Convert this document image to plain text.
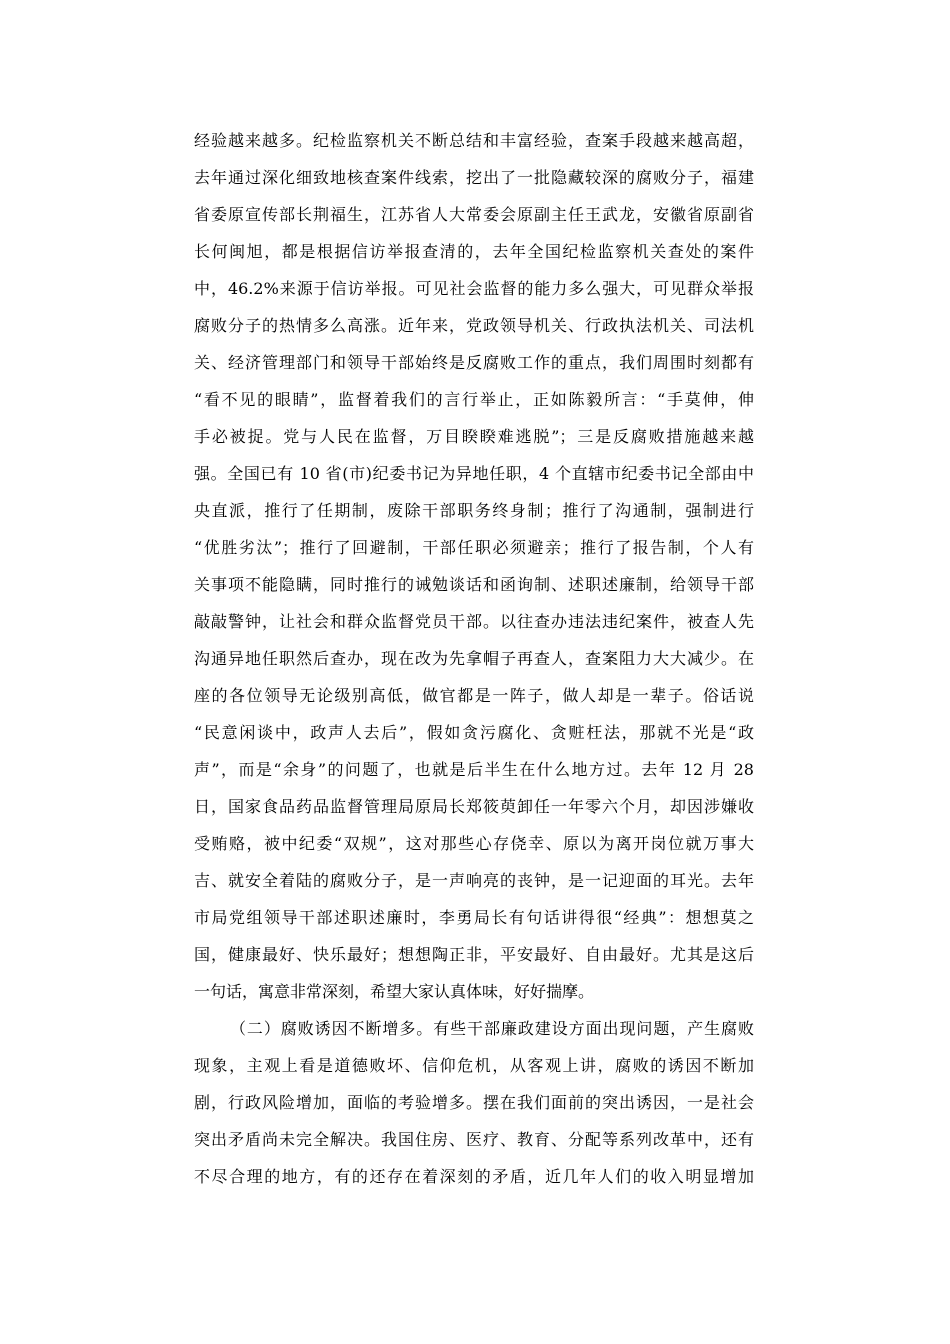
经验越来越多。纪检监察机关不断总结和丰富经验，查案手段越来越高超，
去年通过深化细致地核查案件线索，挖出了一批隐藏较深的腐败分子，福建
省委原宣传部长荆福生，江苏省人大常委会原副主任王武龙，安徽省原副省
长何闽旭，都是根据信访举报查清的，去年全国纪检监察机关查处的案件
中，46.2%来源于信访举报。可见社会监督的能力多么强大，可见群众举报
腐败分子的热情多么高涨。近年来，党政领导机关、行政执法机关、司法机
关、经济管理部门和领导干部始终是反腐败工作的重点，我们周围时刻都有
“看不见的眼睛”，监督着我们的言行举止，正如陈毅所言：“手莫伸，伸
手必被捉。党与人民在监督，万目睽睽难逃脱”；三是反腐败措施越来越
强。全国已有 10 省(市)纪委书记为异地任职，4 个直辖市纪委书记全部由中
央直派，推行了任期制，废除干部职务终身制；推行了沟通制，强制进行
“优胜劣汰”；推行了回避制，干部任职必须避亲；推行了报告制，个人有
关事项不能隐瞒，同时推行的诫勉谈话和函询制、述职述廉制，给领导干部
敲敲警钟，让社会和群众监督党员干部。以往查办违法违纪案件，被查人先
沟通异地任职然后查办，现在改为先拿帽子再查人，查案阻力大大减少。在
座的各位领导无论级别高低，做官都是一阵子，做人却是一辈子。俗话说
“民意闲谈中，政声人去后”，假如贪污腐化、贪赃枉法，那就不光是“政
声”，而是“余身”的问题了，也就是后半生在什么地方过。去年 12 月 28
日，国家食品药品监督管理局原局长郑筱萸卸任一年零六个月，却因涉嫌收
受贿赂，被中纪委“双规”，这对那些心存侥幸、原以为离开岗位就万事大
吉、就安全着陆的腐败分子，是一声响亮的丧钟，是一记迎面的耳光。去年
市局党组领导干部述职述廉时，李勇局长有句话讲得很“经典”：想想莫之
国，健康最好、快乐最好；想想陶正非，平安最好、自由最好。尤其是这后
一句话，寓意非常深刻，希望大家认真体味，好好揣摩。
（二）腐败诱因不断增多。有些干部廉政建设方面出现问题，产生腐败
现象，主观上看是道德败坏、信仰危机，从客观上讲，腐败的诱因不断加
剧，行政风险增加，面临的考验增多。摆在我们面前的突出诱因，一是社会
突出矛盾尚未完全解决。我国住房、医疗、教育、分配等系列改革中，还有
不尽合理的地方，有的还存在着深刻的矛盾，近几年人们的收入明显增加
